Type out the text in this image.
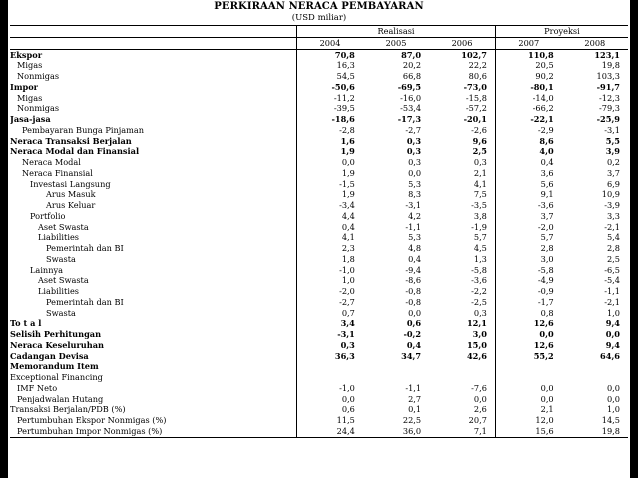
PERKIRAAN NERACA PEMBAYARAN
(USD miliar)
	Realisasi			Proyeksi	
	2004	2005	2006	2007	2008
Ekspor	70,8	87,0	102,7	110,8	123,1
Migas	16,3	20,2	22,2	20,5	19,8
Nonmigas	54,5	66,8	80,6	90,2	103,3
Impor	-50,6	-69,5	-73,0	-80,1	-91,7
Migas	-11,2	-16,0	-15,8	-14,0	-12,3
Nonmigas	-39,5	-53,4	-57,2	-66,2	-79,3
Jasa-jasa	-18,6	-17,3	-20,1	-22,1	-25,9
Pembayaran Bunga Pinjaman	-2,8	-2,7	-2,6	-2,9	-3,1
Neraca Transaksi Berjalan	1,6	0,3	9,6	8,6	5,5
Neraca Modal dan Finansial	1,9	0,3	2,5	4,0	3,9
Neraca Modal	0,0	0,3	0,3	0,4	0,2
Neraca Finansial	1,9	0,0	2,1	3,6	3,7
Investasi Langsung	-1,5	5,3	4,1	5,6	6,9
Arus Masuk	1,9	8,3	7,5	9,1	10,9
Arus Keluar	-3,4	-3,1	-3,5	-3,6	-3,9
Portfolio	4,4	4,2	3,8	3,7	3,3
Aset Swasta	0,4	-1,1	-1,9	-2,0	-2,1
Liabilities	4,1	5,3	5,7	5,7	5,4
Pemerintah dan BI	2,3	4,8	4,5	2,8	2,8
Swasta	1,8	0,4	1,3	3,0	2,5
Lainnya	-1,0	-9,4	-5,8	-5,8	-6,5
Aset Swasta	1,0	-8,6	-3,6	-4,9	-5,4
Liabilities	-2,0	-0,8	-2,2	-0,9	-1,1
Pemerintah dan BI	-2,7	-0,8	-2,5	-1,7	-2,1
Swasta	0,7	0,0	0,3	0,8	1,0
To t a l	3,4	0,6	12,1	12,6	9,4
Selisih Perhitungan	-3,1	-0,2	3,0	0,0	0,0
Neraca Keseluruhan	0,3	0,4	15,0	12,6	9,4
Cadangan Devisa	36,3	34,7	42,6	55,2	64,6
Memorandum Item					
Exceptional Financing					
IMF Neto	-1,0	-1,1	-7,6	0,0	0,0
Penjadwalan Hutang	0,0	2,7	0,0	0,0	0,0
Transaksi Berjalan/PDB (%)	0,6	0,1	2,6	2,1	1,0
Pertumbuhan Ekspor Nonmigas (%)	11,5	22,5	20,7	12,0	14,5
Pertumbuhan Impor Nonmigas (%)	24,4	36,0	7,1	15,6	19,8
